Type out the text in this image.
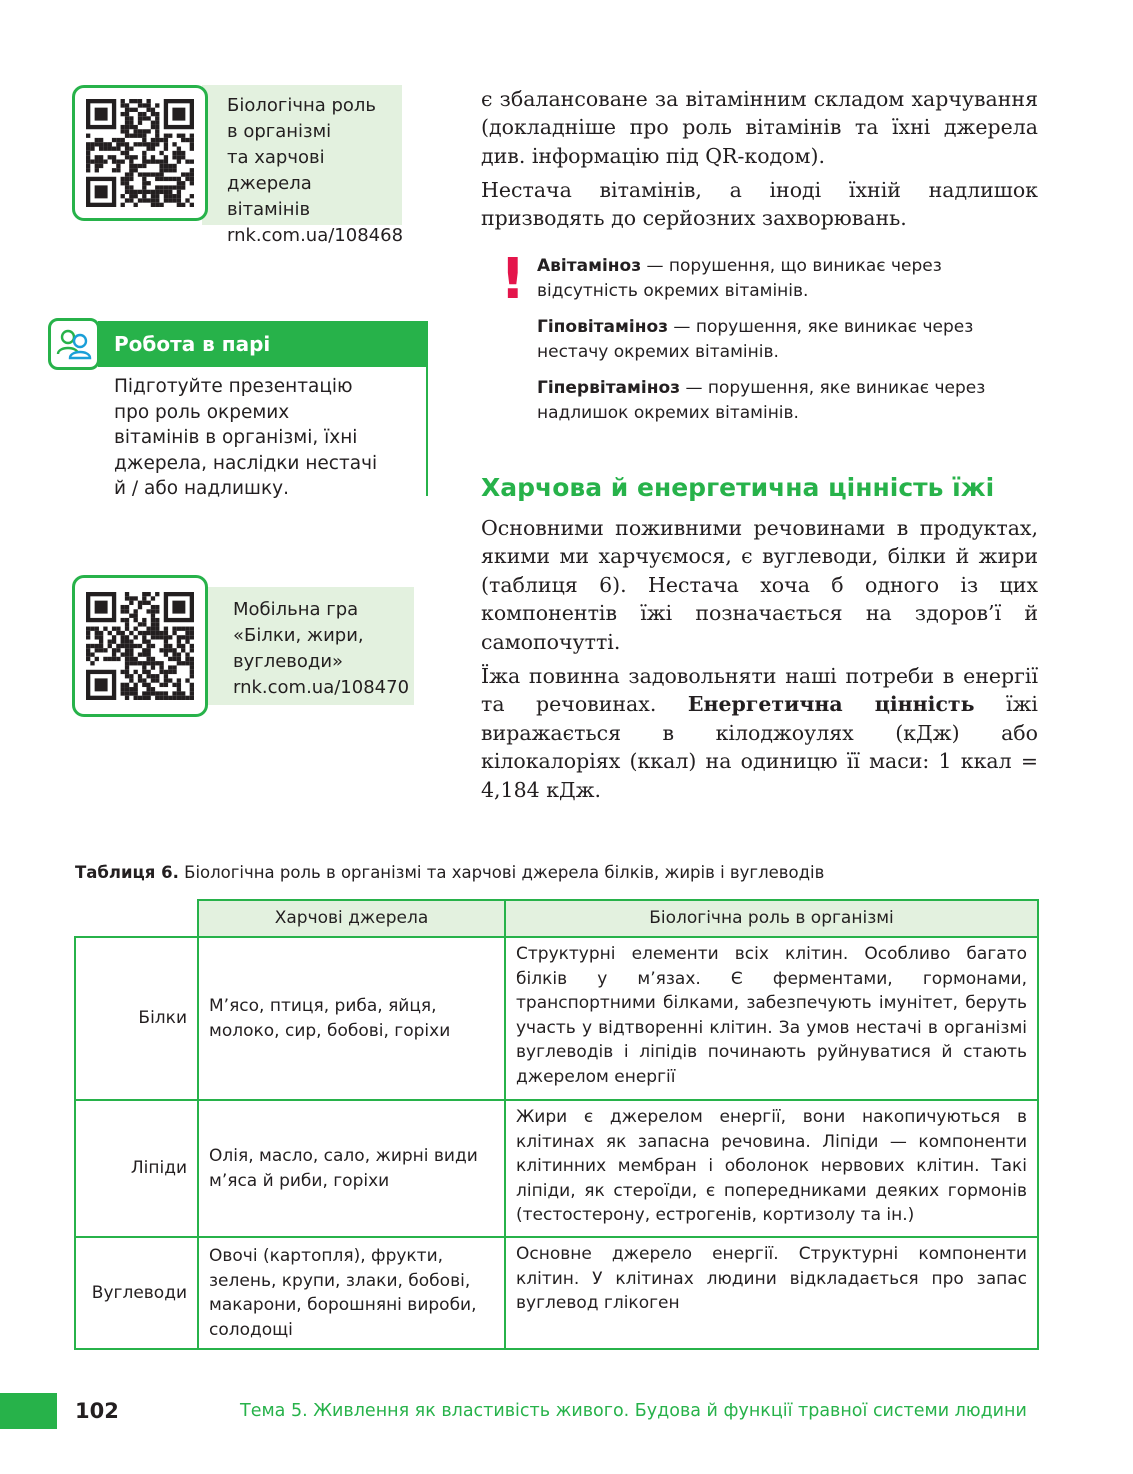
Біологічна роль
в організмі
та харчові джерела
вітамінів
rnk.com.ua/108468
Робота в парі
Підготуйте презентацію
про роль окремих
вітамінів в організмі, їхні
джерела, наслідки нестачі
й / або надлишку.
Мобільна гра
«Білки, жири,
вуглеводи»
rnk.com.ua/108470
є збалансоване за вітамінним складом харчування (докладніше про роль вітамінів та їхні джерела див. інформацію під QR-кодом).
Нестача вітамінів, а іноді їхній надлишок призводять до серйозних захворювань.
! Авітаміноз — порушення, що виникає через відсутність окремих вітамінів.
Гіповітаміноз — порушення, яке виникає через нестачу окремих вітамінів.
Гіпервітаміноз — порушення, яке виникає через надлишок окремих вітамінів.
Харчова й енергетична цінність їжі
Основними поживними речовинами в продуктах, якими ми харчуємося, є вуглеводи, білки й жири (таблиця 6). Нестача хоча б одного із цих компонентів їжі позначається на здоров’ї й самопочутті.
Їжа повинна задовольняти наші потреби в енергії та речовинах. Енергетична цінність їжі виражається в кілоджоулях (кДж) або кілокалоріях (ккал) на одиницю її маси: 1 ккал = 4,184 кДж.
Таблиця 6. Біологічна роль в організмі та харчові джерела білків, жирів і вуглеводів
	Харчові джерела	Біологічна роль в організмі
Білки	М’ясо, птиця, риба, яйця, молоко, сир, бобові, горіхи	Структурні елементи всіх клітин. Особливо багато білків у м’язах. Є ферментами, гормонами, транспортними білками, забезпечують імунітет, беруть участь у відтворенні клітин. За умов нестачі в організмі вуглеводів і ліпідів починають руйнуватися й стають джерелом енергії
Ліпіди	Олія, масло, сало, жирні види м’яса й риби, горіхи	Жири є джерелом енергії, вони накопичуються в клітинах як запасна речовина. Ліпіди — компоненти клітинних мембран і оболонок нервових клітин. Такі ліпіди, як стероїди, є попередниками деяких гормонів (тестостерону, естрогенів, кортизолу та ін.)
Вуглеводи	Овочі (картопля), фрукти, зелень, крупи, злаки, бобові, макарони, борошняні вироби, солодощі	Основне джерело енергії. Структурні компоненти клітин. У клітинах людини відкладається про запас вуглевод глікоген
102	Тема 5. Живлення як властивість живого. Будова й функції травної системи людини
